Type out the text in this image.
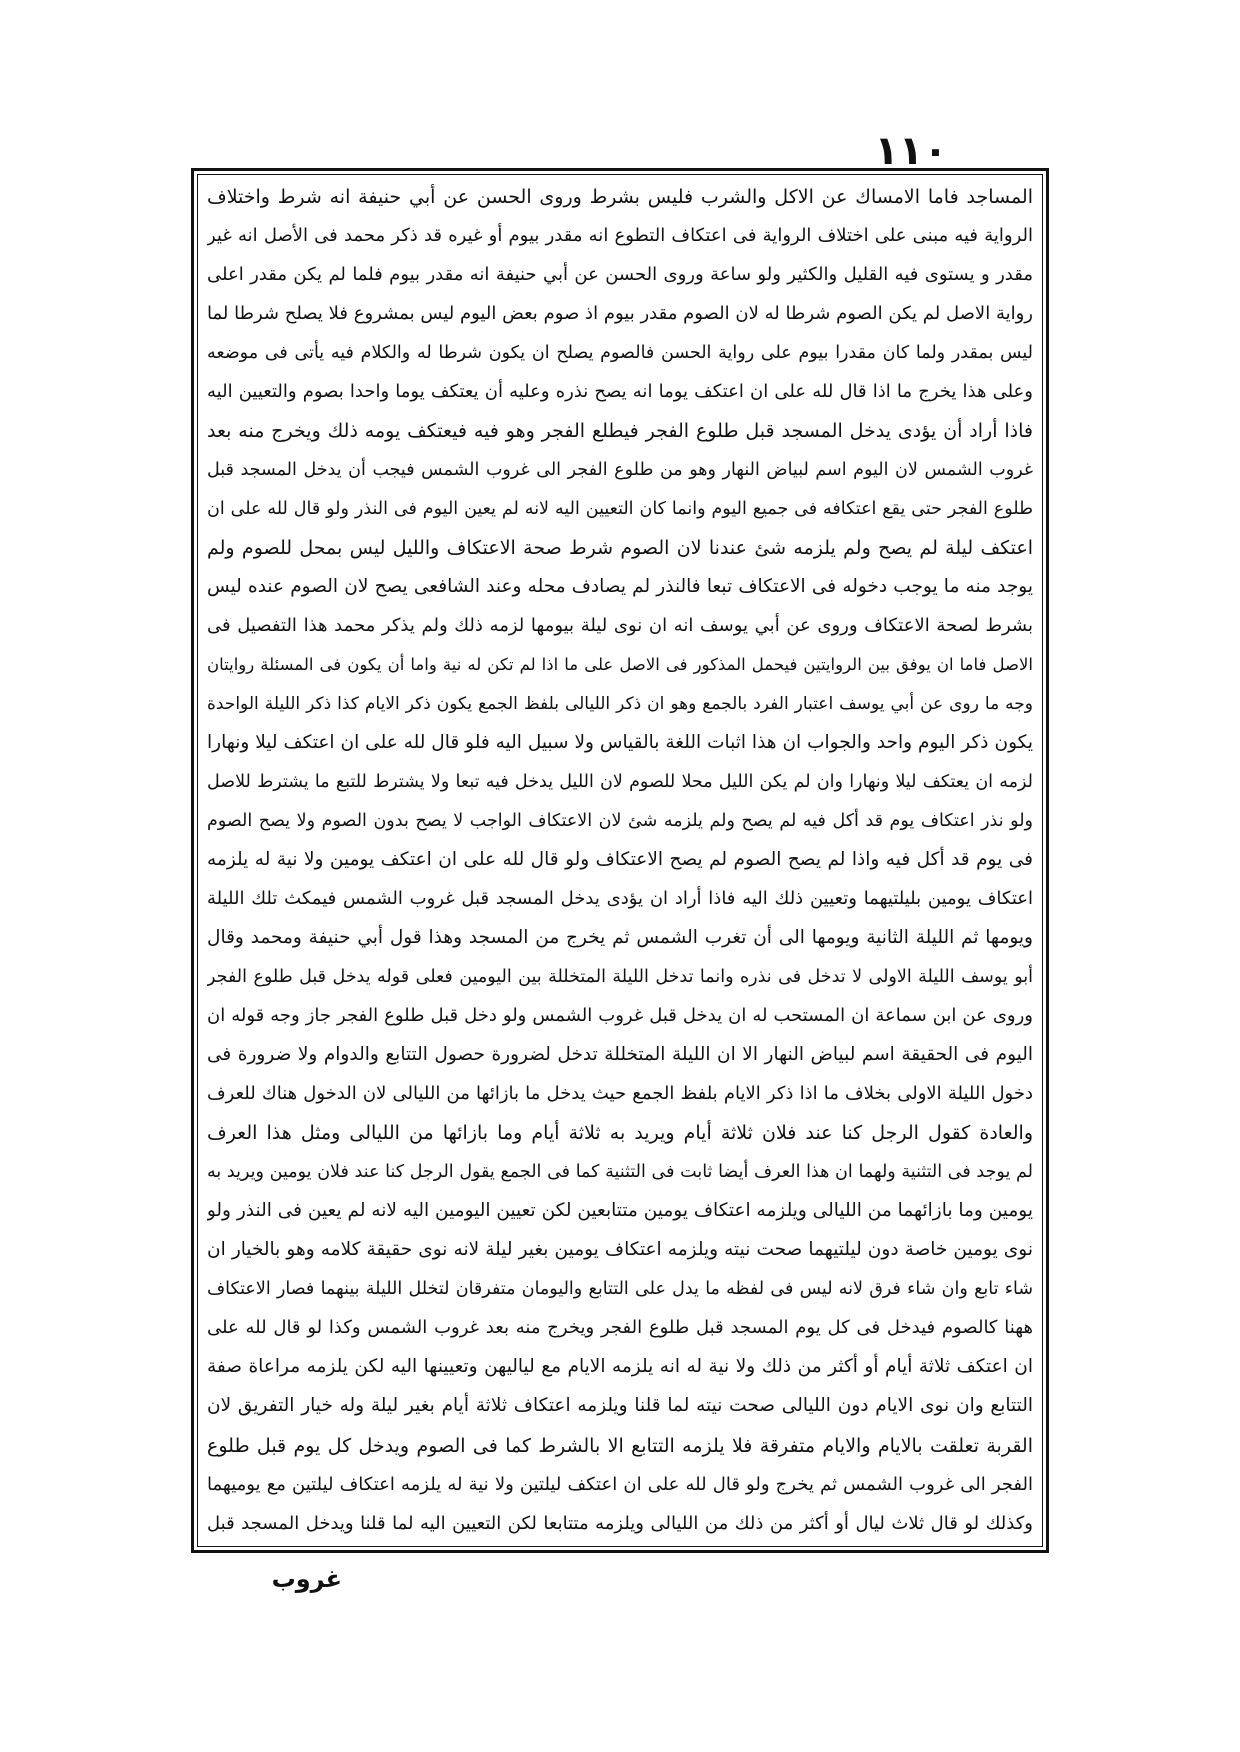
١١٠
المساجد فاما الامساك عن الاكل والشرب فليس بشرط وروى الحسن عن أبي حنيفة انه شرط واختلاف
الرواية فيه مبنى على اختلاف الرواية فى اعتكاف التطوع انه مقدر بيوم أو غيره قد ذكر محمد فى الأصل انه غير
مقدر و يستوى فيه القليل والكثير ولو ساعة وروى الحسن عن أبي حنيفة انه مقدر بيوم فلما لم يكن مقدر اعلى
رواية الاصل لم يكن الصوم شرطا له لان الصوم مقدر بيوم اذ صوم بعض اليوم ليس بمشروع فلا يصلح شرطا لما
ليس بمقدر ولما كان مقدرا بيوم على رواية الحسن فالصوم يصلح ان يكون شرطا له والكلام فيه يأتى فى موضعه
وعلى هذا يخرج ما اذا قال لله على ان اعتكف يوما انه يصح نذره وعليه أن يعتكف يوما واحدا بصوم والتعيين اليه
فاذا أراد أن يؤدى يدخل المسجد قبل طلوع الفجر فيطلع الفجر وهو فيه فيعتكف يومه ذلك ويخرج منه بعد
غروب الشمس لان اليوم اسم لبياض النهار وهو من طلوع الفجر الى غروب الشمس فيجب أن يدخل المسجد قبل
طلوع الفجر حتى يقع اعتكافه فى جميع اليوم وانما كان التعيين اليه لانه لم يعين اليوم فى النذر ولو قال لله على ان
اعتكف ليلة لم يصح ولم يلزمه شئ عندنا لان الصوم شرط صحة الاعتكاف والليل ليس بمحل للصوم ولم
يوجد منه ما يوجب دخوله فى الاعتكاف تبعا فالنذر لم يصادف محله وعند الشافعى يصح لان الصوم عنده ليس
بشرط لصحة الاعتكاف وروى عن أبي يوسف انه ان نوى ليلة بيومها لزمه ذلك ولم يذكر محمد هذا التفصيل فى
الاصل فاما ان يوفق بين الروايتين فيحمل المذكور فى الاصل على ما اذا لم تكن له نية واما أن يكون فى المسئلة روايتان
وجه ما روى عن أبي يوسف اعتبار الفرد بالجمع وهو ان ذكر الليالى بلفظ الجمع يكون ذكر الايام كذا ذكر الليلة الواحدة
يكون ذكر اليوم واحد والجواب ان هذا اثبات اللغة بالقياس ولا سبيل اليه فلو قال لله على ان اعتكف ليلا ونهارا
لزمه ان يعتكف ليلا ونهارا وان لم يكن الليل محلا للصوم لان الليل يدخل فيه تبعا ولا يشترط للتبع ما يشترط للاصل
ولو نذر اعتكاف يوم قد أكل فيه لم يصح ولم يلزمه شئ لان الاعتكاف الواجب لا يصح بدون الصوم ولا يصح الصوم
فى يوم قد أكل فيه واذا لم يصح الصوم لم يصح الاعتكاف ولو قال لله على ان اعتكف يومين ولا نية له يلزمه
اعتكاف يومين بليلتيهما وتعيين ذلك اليه فاذا أراد ان يؤدى يدخل المسجد قبل غروب الشمس فيمكث تلك الليلة
ويومها ثم الليلة الثانية ويومها الى أن تغرب الشمس ثم يخرج من المسجد وهذا قول أبي حنيفة ومحمد وقال
أبو يوسف الليلة الاولى لا تدخل فى نذره وانما تدخل الليلة المتخللة بين اليومين فعلى قوله يدخل قبل طلوع الفجر
وروى عن ابن سماعة ان المستحب له ان يدخل قبل غروب الشمس ولو دخل قبل طلوع الفجر جاز وجه قوله ان
اليوم فى الحقيقة اسم لبياض النهار الا ان الليلة المتخللة تدخل لضرورة حصول التتابع والدوام ولا ضرورة فى
دخول الليلة الاولى بخلاف ما اذا ذكر الايام بلفظ الجمع حيث يدخل ما بازائها من الليالى لان الدخول هناك للعرف
والعادة كقول الرجل كنا عند فلان ثلاثة أيام ويريد به ثلاثة أيام وما بازائها من الليالى ومثل هذا العرف
لم يوجد فى التثنية ولهما ان هذا العرف أيضا ثابت فى التثنية كما فى الجمع يقول الرجل كنا عند فلان يومين ويريد به
يومين وما بازائهما من الليالى ويلزمه اعتكاف يومين متتابعين لكن تعيين اليومين اليه لانه لم يعين فى النذر ولو
نوى يومين خاصة دون ليلتيهما صحت نيته ويلزمه اعتكاف يومين بغير ليلة لانه نوى حقيقة كلامه وهو بالخيار ان
شاء تابع وان شاء فرق لانه ليس فى لفظه ما يدل على التتابع واليومان متفرقان لتخلل الليلة بينهما فصار الاعتكاف
ههنا كالصوم فيدخل فى كل يوم المسجد قبل طلوع الفجر ويخرج منه بعد غروب الشمس وكذا لو قال لله على
ان اعتكف ثلاثة أيام أو أكثر من ذلك ولا نية له انه يلزمه الايام مع لياليهن وتعيينها اليه لكن يلزمه مراعاة صفة
التتابع وان نوى الايام دون الليالى صحت نيته لما قلنا ويلزمه اعتكاف ثلاثة أيام بغير ليلة وله خيار التفريق لان
القربة تعلقت بالايام والايام متفرقة فلا يلزمه التتابع الا بالشرط كما فى الصوم ويدخل كل يوم قبل طلوع
الفجر الى غروب الشمس ثم يخرج ولو قال لله على ان اعتكف ليلتين ولا نية له يلزمه اعتكاف ليلتين مع يوميهما
وكذلك لو قال ثلاث ليال أو أكثر من ذلك من الليالى ويلزمه متتابعا لكن التعيين اليه لما قلنا ويدخل المسجد قبل
غروب
